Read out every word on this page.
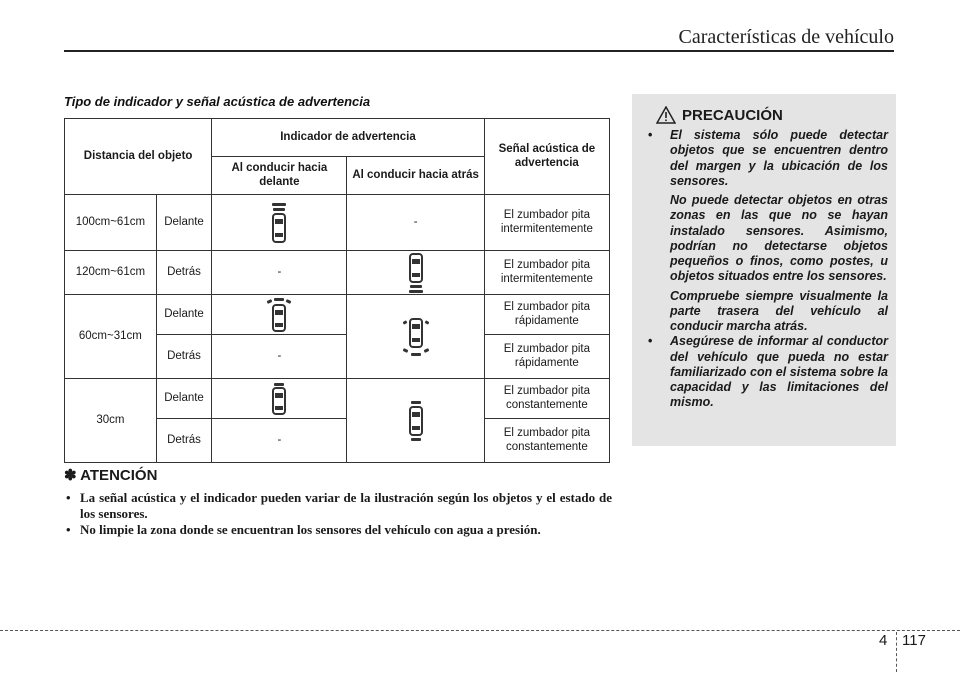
Características de vehículo
Tipo de indicador y señal acústica de advertencia
Distancia del objeto		Indicador de advertencia		Señal acústica de advertencia
		Al conducir hacia delante	Al conducir hacia atrás	
100cm~61cm	Delante		-	El zumbador pita intermitentemente
120cm~61cm	Detrás	-		El zumbador pita intermitentemente
60cm~31cm	Delante			El zumbador pita rápidamente
	Detrás	-		El zumbador pita rápidamente
30cm	Delante			El zumbador pita constantemente
	Detrás	-		El zumbador pita constantemente
✽ ATENCIÓN
• La señal acústica y el indicador pueden variar de la ilustración según los objetos y el estado de los sensores.
• No limpie la zona donde se encuentran los sensores del vehículo con agua a presión.
PRECAUCIÓN
• El sistema sólo puede detectar objetos que se encuentren dentro del margen y la ubicación de los sensores.
No puede detectar objetos en otras zonas en las que no se hayan instalado sensores. Asimismo, podrían no detectarse objetos pequeños o finos, como postes, u objetos situados entre los sensores.
Compruebe siempre visualmente la parte trasera del vehículo al conducir marcha atrás.
• Asegúrese de informar al conductor del vehículo que pueda no estar familiarizado con el sistema sobre la capacidad y las limitaciones del mismo.
4 117
